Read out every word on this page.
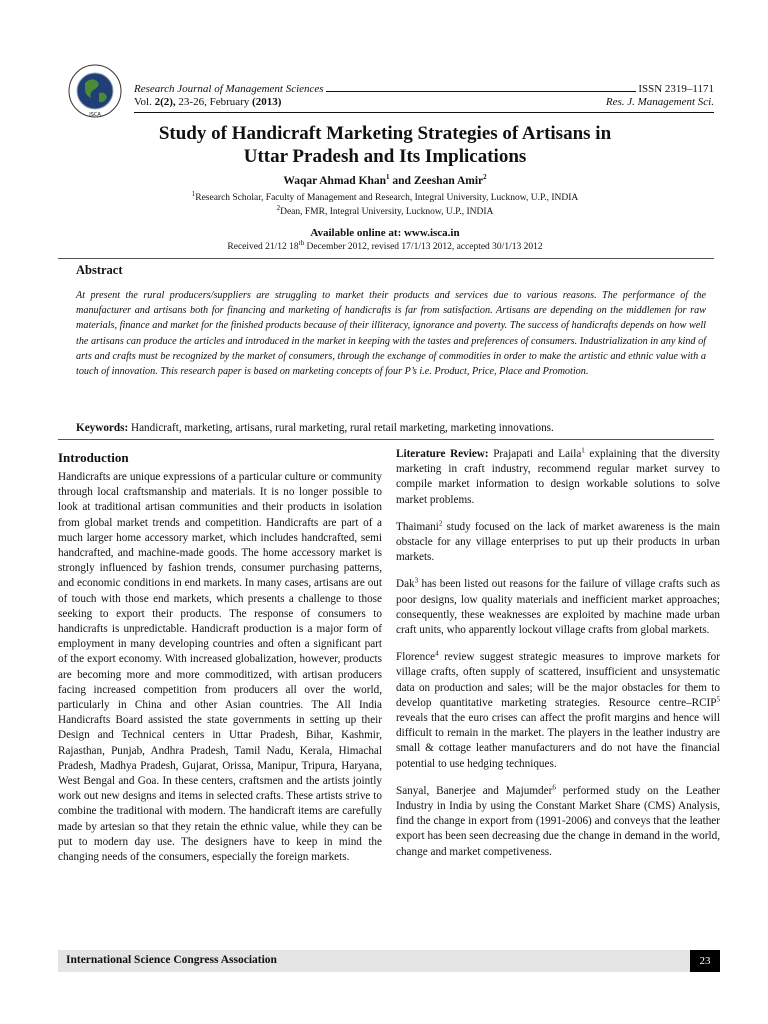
ISCA
Research Journal of Management Sciences	ISSN 2319–1171
Vol. 2(2), 23-26, February (2013)	Res. J. Management Sci.
Study of Handicraft Marketing Strategies of Artisans in
Uttar Pradesh and Its Implications
Waqar Ahmad Khan$^1$ and Zeeshan Amir$^2$
$^1$Research Scholar, Faculty of Management and Research, Integral University, Lucknow, U.P., INDIA
$^2$Dean, FMR, Integral University, Lucknow, U.P., INDIA
Available online at: www.isca.in
Received 21/12 18th December 2012, revised 17/1/13 2012, accepted 30/1/13 2012
Abstract
At present the rural producers/suppliers are struggling to market their products and services due to various reasons. The performance of the manufacturer and artisans both for financing and marketing of handicrafts is far from satisfaction. Artisans are depending on the middlemen for raw materials, finance and market for the finished products because of their illiteracy, ignorance and poverty. The success of handicrafts depends on how well the artisans can produce the articles and introduced in the market in keeping with the tastes and preferences of consumers. Industrialization in any kind of arts and crafts must be recognized by the market of consumers, through the exchange of commodities in order to make the artistic and ethnic value with a touch of innovation. This research paper is based on marketing concepts of four P’s i.e. Product, Price, Place and Promotion.
Keywords: Handicraft, marketing, artisans, rural marketing, rural retail marketing, marketing innovations.
Introduction

Handicrafts are unique expressions of a particular culture or community through local craftsmanship and materials. It is no longer possible to look at traditional artisan communities and their products in isolation from global market trends and competition. Handicrafts are part of a much larger home accessory market, which includes handcrafted, semi handcrafted, and machine-made goods. The home accessory market is strongly influenced by fashion trends, consumer purchasing patterns, and economic conditions in end markets. In many cases, artisans are out of touch with those end markets, which presents a challenge to those seeking to export their products. The response of consumers to handicrafts is unpredictable. Handicraft production is a major form of employment in many developing countries and often a significant part of the export economy. With increased globalization, however, products are becoming more and more commoditized, with artisan producers facing increased competition from producers all over the world, particularly in China and other Asian countries. The All India Handicrafts Board assisted the state governments in setting up their Design and Technical centers in Uttar Pradesh, Bihar, Kashmir, Rajasthan, Punjab, Andhra Pradesh, Tamil Nadu, Kerala, Himachal Pradesh, Madhya Pradesh, Gujarat, Orissa, Manipur, Tripura, Haryana, West Bengal and Goa. In these centers, craftsmen and the artists jointly work out new designs and items in selected crafts. These artists strive to combine the traditional with modern. The handicraft items are carefully made by artesian so that they retain the ethnic value, while they can be put to modern day use. The designers have to keep in mind the changing needs of the consumers, especially the foreign markets.

Literature Review: Prajapati and Laila$^1$ explaining that the diversity marketing in craft industry, recommend regular market survey to compile market information to design workable solutions to solve market problems.

Thaimani$^2$ study focused on the lack of market awareness is the main obstacle for any village enterprises to put up their products in urban markets.

Dak$^3$ has been listed out reasons for the failure of village crafts such as poor designs, low quality materials and inefficient market approaches; consequently, these weaknesses are exploited by machine made urban craft units, who apparently lockout village crafts from global markets.

Florence$^4$ review suggest strategic measures to improve markets for village crafts, often supply of scattered, insufficient and unsystematic data on production and sales; will be the major obstacles for them to develop quantitative marketing strategies. Resource centre–RCIP$^5$ reveals that the euro crises can affect the profit margins and hence will difficult to remain in the market. The players in the leather industry are small & cottage leather manufacturers and do not have the financial potential to use hedging techniques.

Sanyal, Banerjee and Majumder$^6$ performed study on the Leather Industry in India by using the Constant Market Share (CMS) Analysis, find the change in export from (1991-2006) and conveys that the leather export has been seen decreasing due the change in demand in the world, change and market competiveness.

International Science Congress Association	23
